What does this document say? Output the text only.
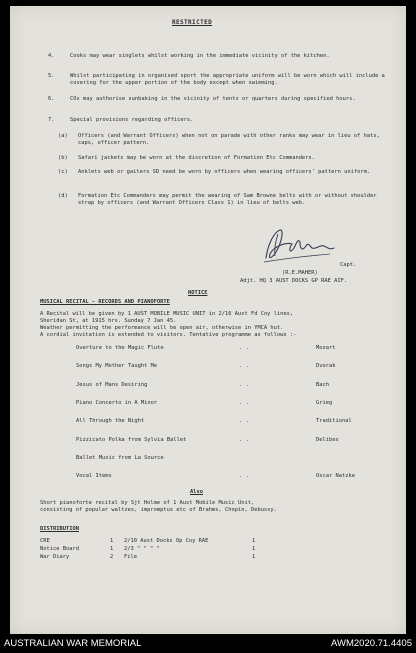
RESTRICTED
4.	Cooks may wear singlets whilst working in the immediate vicinity of the kitchen.
5.	Whilst participating in organised sport the appropriate uniform will be worn which will include a covering for the upper portion of the body except when swimming.
6.	COs may authorise sunbaking in the vicinity of tents or quarters during specified hours.
7.	Special provisions regarding officers.
(a) Officers (and Warrant Officers) when not on parade with other ranks may wear in lieu of hats, caps, officer pattern.
(b) Safari jackets may be worn at the discretion of Formation Etc Commanders.
(c) Anklets web or gaiters SD need be worn by officers when wearing officers' pattern uniform.
(d) Formation Etc Commanders may permit the wearing of Sam Browne belts with or without shoulder strap by officers (and Warrant Officers Class 1) in lieu of belts web.
Capt.
(R.E.MAHER)
Adjt. HQ 3 AUST DOCKS GP RAE AIF.
NOTICE
MUSICAL RECITAL - RECORDS AND PIANOFORTE
A Recital will be given by 1 AUST MOBILE MUSIC UNIT in 2/16 Aust Fd Coy lines,
Sheridan St, at 1915 hrs. Sunday 7 Jan 45.
Weather permitting the performance will be open air, otherwise in YMCA hut.
A cordial invitation is extended to visitors. Tentative programme as follows :-
Overture to the Magic Flute	. .	Mozart
Songs My Mother Taught Me	. .	Dvorak
Jesus of Mans Desiring	. .	Bach
Piano Concerto in A Minor	. .	Grieg
All Through the Night	. .	Traditional
Pizzicato Polka from Sylvia Ballet	. .	Delibes
Ballet Music from La Source
Vocal Items	. .	Oscar Natzke
Also
Short pianoforte recital by Sjt Holme of 1 Aust Mobile Music Unit,
consisting of popular waltzes, impromptus etc of Brahms, Chopin, Debussy.
DISTRIBUTION
CRE	1 2/10 Aust Docks Op Coy RAE	1
Notice Board	1 2/3 " " " "	1
War Diary	2 File	1
AUSTRALIAN WAR MEMORIAL	AWM2020.71.4405
